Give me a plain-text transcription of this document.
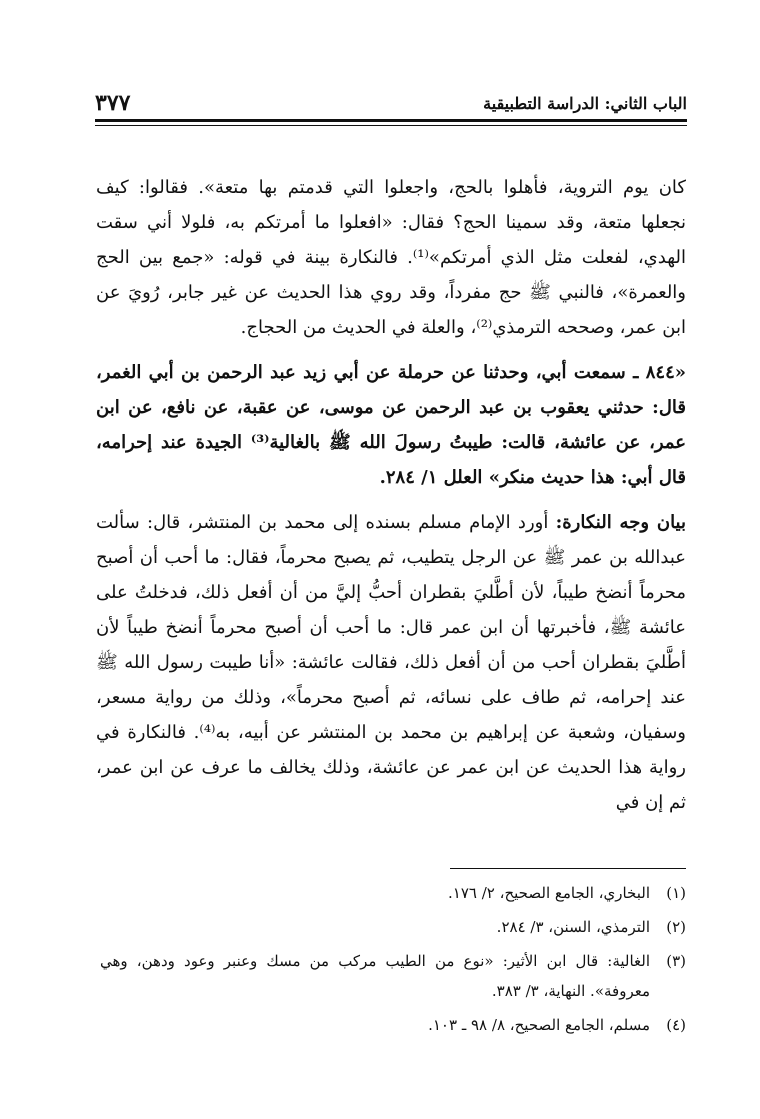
الباب الثاني: الدراسة التطبيقية
٣٧٧

كان يوم التروية، فأهلوا بالحج، واجعلوا التي قدمتم بها متعة». فقالوا: كيف نجعلها متعة، وقد سمينا الحج؟ فقال: «افعلوا ما أمرتكم به، فلولا أني سقت الهدي، لفعلت مثل الذي أمرتكم»⁽¹⁾. فالنكارة بينة في قوله: «جمع بين الحج والعمرة»، فالنبي ﷺ حج مفرداً، وقد روي هذا الحديث عن غير جابر، رُويَ عن ابن عمر، وصححه الترمذي⁽²⁾، والعلة في الحديث من الحجاج.

«٨٤٤ ـ سمعت أبي، وحدثنا عن حرملة عن أبي زيد عبد الرحمن بن أبي الغمر، قال: حدثني يعقوب بن عبد الرحمن عن موسى، عن عقبة، عن نافع، عن ابن عمر، عن عائشة، قالت: طيبتُ رسولَ الله ﷺ بالغالية⁽³⁾ الجيدة عند إحرامه، قال أبي: هذا حديث منكر» العلل ١/ ٢٨٤.

بيان وجه النكارة: أورد الإمام مسلم بسنده إلى محمد بن المنتشر، قال: سألت عبدالله بن عمر ﷺ عن الرجل يتطيب، ثم يصبح محرماً، فقال: ما أحب أن أصبح محرماً أنضخ طيباً، لأن أطَّليَ بقطران أحبُّ إليَّ من أن أفعل ذلك، فدخلتُ على عائشة ﷺ، فأخبرتها أن ابن عمر قال: ما أحب أن أصبح محرماً أنضخ طيباً لأن أطَّليَ بقطران أحب من أن أفعل ذلك، فقالت عائشة: «أنا طيبت رسول الله ﷺ عند إحرامه، ثم طاف على نسائه، ثم أصبح محرماً»، وذلك من رواية مسعر، وسفيان، وشعبة عن إبراهيم بن محمد بن المنتشر عن أبيه، به⁽⁴⁾. فالنكارة في رواية هذا الحديث عن ابن عمر عن عائشة، وذلك يخالف ما عرف عن ابن عمر، ثم إن في

(١)
البخاري، الجامع الصحيح، ٢/ ١٧٦.
(٢)
الترمذي، السنن، ٣/ ٢٨٤.
(٣)
الغالية: قال ابن الأثير: «نوع من الطيب مركب من مسك وعنبر وعود ودهن، وهي معروفة». النهاية، ٣/ ٣٨٣.
(٤)
مسلم، الجامع الصحيح، ٨/ ٩٨ ـ ١٠٣.
